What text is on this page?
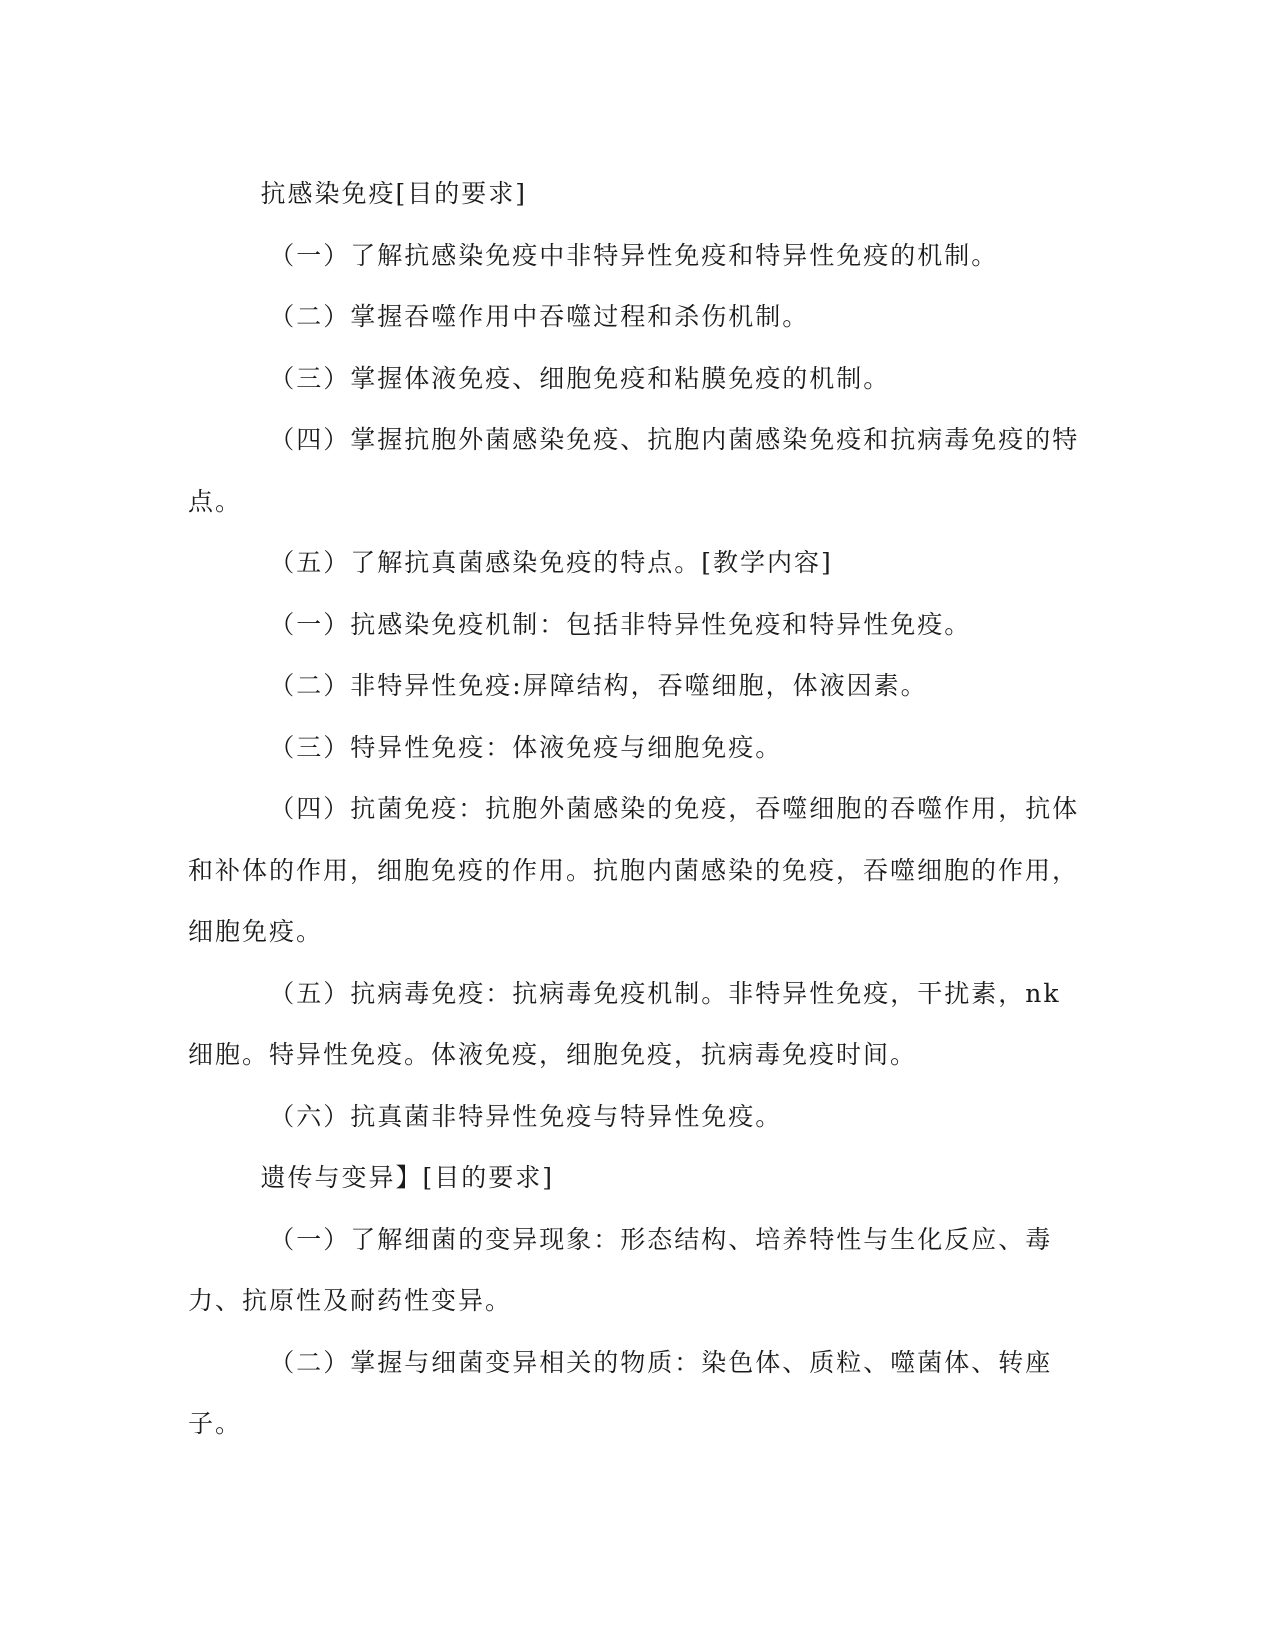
抗感染免疫[目的要求]

（一）了解抗感染免疫中非特异性免疫和特异性免疫的机制。

（二）掌握吞噬作用中吞噬过程和杀伤机制。

（三）掌握体液免疫、细胞免疫和粘膜免疫的机制。

（四）掌握抗胞外菌感染免疫、抗胞内菌感染免疫和抗病毒免疫的特点。

（五）了解抗真菌感染免疫的特点。[教学内容]

（一）抗感染免疫机制：包括非特异性免疫和特异性免疫。

（二）非特异性免疫:屏障结构，吞噬细胞，体液因素。

（三）特异性免疫：体液免疫与细胞免疫。

（四）抗菌免疫：抗胞外菌感染的免疫，吞噬细胞的吞噬作用，抗体和补体的作用，细胞免疫的作用。抗胞内菌感染的免疫，吞噬细胞的作用，细胞免疫。

（五）抗病毒免疫：抗病毒免疫机制。非特异性免疫，干扰素，nk细胞。特异性免疫。体液免疫，细胞免疫，抗病毒免疫时间。

（六）抗真菌非特异性免疫与特异性免疫。

遗传与变异】[目的要求]

（一）了解细菌的变异现象：形态结构、培养特性与生化反应、毒力、抗原性及耐药性变异。

（二）掌握与细菌变异相关的物质：染色体、质粒、噬菌体、转座子。
